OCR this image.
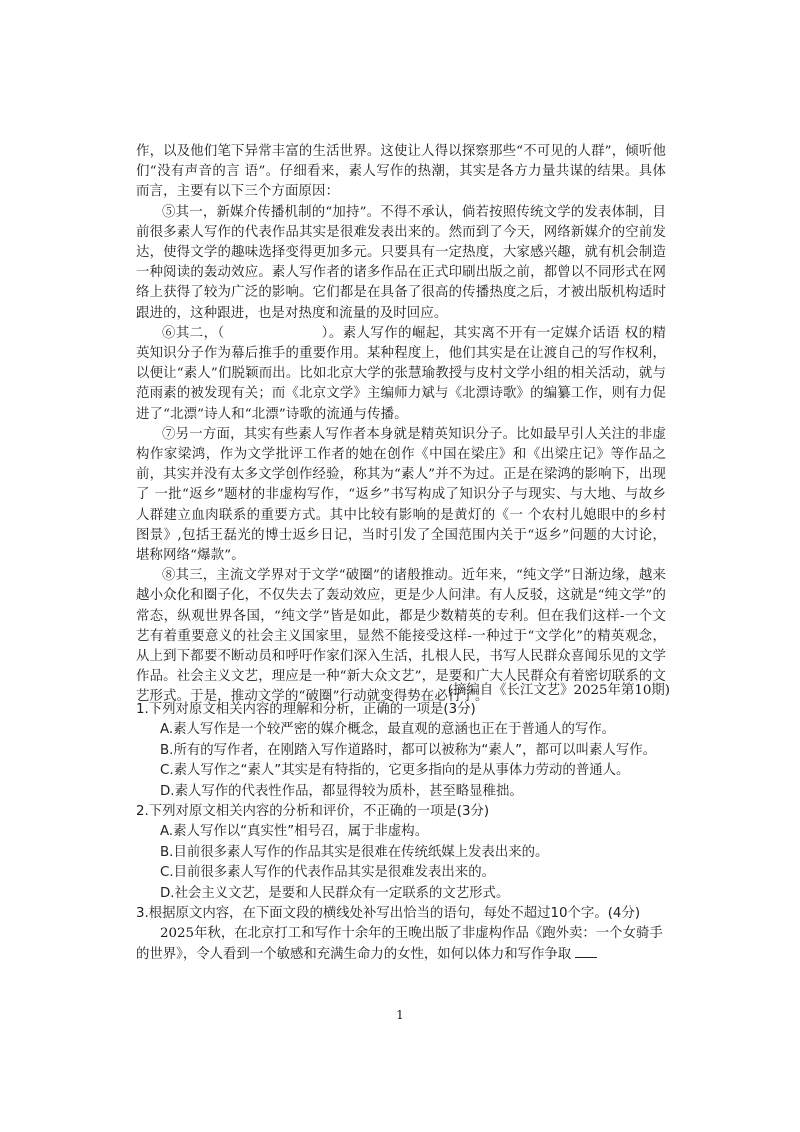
作，以及他们笔下异常丰富的生活世界。这使让人得以探察那些“不可见的人群”，倾听他们“没有声音的言 语”。仔细看来，素人写作的热潮，其实是各方力量共谋的结果。具体而言，主要有以下三个方面原因：

⑤其一，新媒介传播机制的“加持”。不得不承认，倘若按照传统文学的发表体制，目前很多素人写作的代表作品其实是很难发表出来的。然而到了今天，网络新媒介的空前发达，使得文学的趣味选择变得更加多元。只要具有一定热度，大家感兴趣，就有机会制造一种阅读的轰动效应。素人写作者的诸多作品在正式印刷出版之前，都曾以不同形式在网络上获得了较为广泛的影响。它们都是在具备了很高的传播热度之后，才被出版机构适时跟进的，这种跟进，也是对热度和流量的及时回应。

⑥其二，（　　　　　　　）。素人写作的崛起，其实离不开有一定媒介话语 权的精英知识分子作为幕后推手的重要作用。某种程度上，他们其实是在让渡自己的写作权利，以便让“素人”们脱颖而出。比如北京大学的张慧瑜教授与皮村文学小组的相关活动，就与范雨素的被发现有关；而《北京文学》主编师力斌与《北漂诗歌》的编纂工作，则有力促进了“北漂”诗人和“北漂”诗歌的流通与传播。

⑦另一方面，其实有些素人写作者本身就是精英知识分子。比如最早引人关注的非虚构作家梁鸿，作为文学批评工作者的她在创作《中国在梁庄》和《出梁庄记》等作品之前，其实并没有太多文学创作经验，称其为“素人”并不为过。正是在梁鸿的影响下，出现了 一批“返乡”题材的非虚构写作，“返乡”书写构成了知识分子与现实、与大地、与故乡人群建立血肉联系的重要方式。其中比较有影响的是黄灯的《一 个农村儿媳眼中的乡村图景》,包括王磊光的博士返乡日记，当时引发了全国范围内关于“返乡”问题的大讨论，堪称网络“爆款”。

⑧其三，主流文学界对于文学“破圈”的诸般推动。近年来，“纯文学”日渐边缘，越来越小众化和圈子化，不仅失去了轰动效应，更是少人问津。有人反驳，这就是“纯文学”的常态，纵观世界各国，“纯文学”皆是如此，都是少数精英的专利。但在我们这样-一个文艺有着重要意义的社会主义国家里，显然不能接受这样-一种过于“文学化”的精英观念，从上到下都要不断动员和呼吁作家们深入生活，扎根人民，书写人民群众喜闻乐见的文学作品。社会主义文艺，理应是一种“新大众文艺”，是要和广大人民群众有着密切联系的文艺形式。于是，推动文学的“破圈”行动就变得势在必行了。

(摘编自《长江文艺》2025年第10期)

1.下列对原文相关内容的理解和分析，正确的一项是(3分)

A.素人写作是一个较严密的媒介概念，最直观的意涵也正在于普通人的写作。

B.所有的写作者，在刚踏入写作道路时，都可以被称为“素人”，都可以叫素人写作。

C.素人写作之“素人”其实是有特指的，它更多指向的是从事体力劳动的普通人。

D.素人写作的代表性作品，都显得较为质朴，甚至略显稚拙。

2.下列对原文相关内容的分析和评价，不正确的一项是(3分)

A.素人写作以“真实性”相号召，属于非虚构。

B.目前很多素人写作的作品其实是很难在传统纸媒上发表出来的。

C.目前很多素人写作的代表作品其实是很难发表出来的。

D.社会主义文艺，是要和人民群众有一定联系的文艺形式。

3.根据原文内容，在下面文段的横线处补写出恰当的语句，每处不超过10个字。(4分)

2025年秋，在北京打工和写作十余年的王晚出版了非虚构作品《跑外卖：一个女骑手的世界》，令人看到一个敏感和充满生命力的女性，如何以体力和写作争取

1
